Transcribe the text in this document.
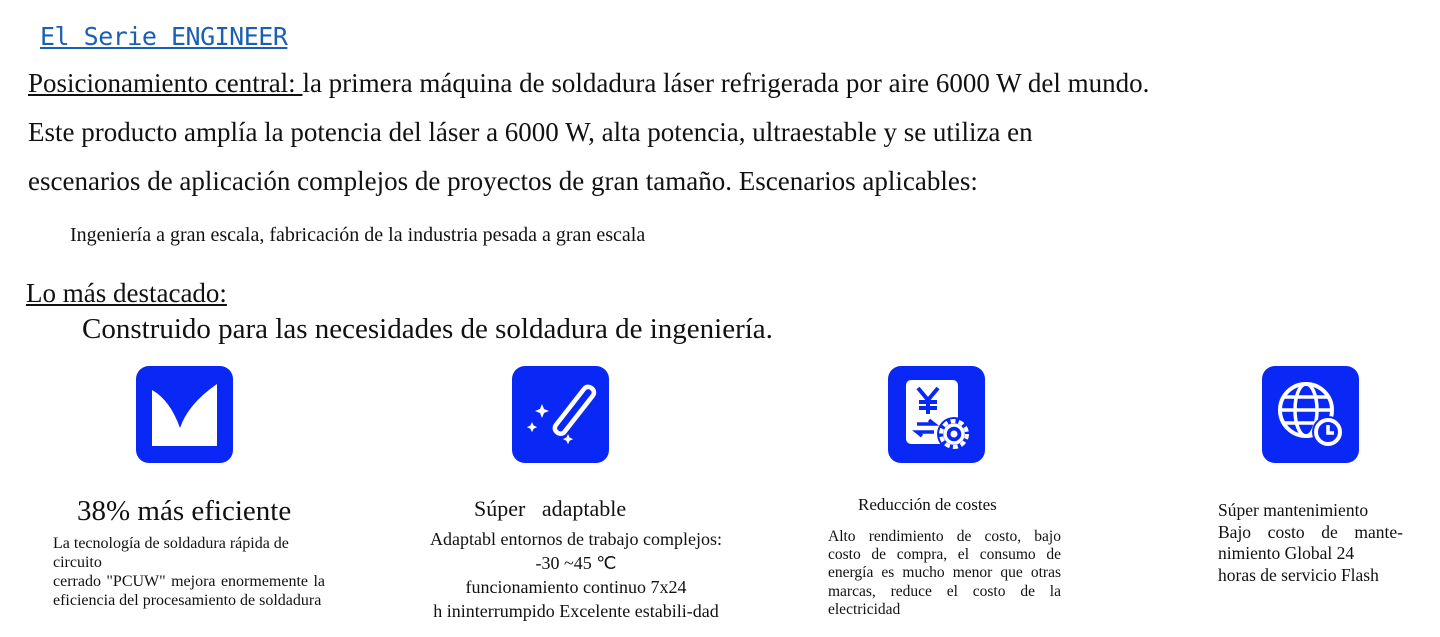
El Serie ENGINEER
Posicionamiento central: la primera máquina de soldadura láser refrigerada por aire 6000 W del mundo.
Este producto amplía la potencia del láser a 6000 W, alta potencia, ultraestable y se utiliza en
escenarios de aplicación complejos de proyectos de gran tamaño. Escenarios aplicables:
Ingeniería a gran escala, fabricación de la industria pesada a gran escala
Lo más destacado:
Construido para las necesidades de soldadura de ingeniería.
38% más eficiente
La tecnología de soldadura rápida de circuito
cerrado "PCUW" mejora enormemente la
eficiencia del procesamiento de soldadura
Súper   adaptable
Adaptabl entornos de trabajo complejos:
-30 ~45 ℃
funcionamiento continuo 7x24
h ininterrumpido Excelente estabili-dad
Reducción de costes
Alto rendimiento de costo, bajo
costo de compra, el consumo de
energía es mucho menor que otras
marcas, reduce el costo de la
electricidad
Súper mantenimiento
Bajo costo de mante-
nimiento Global 24
horas de servicio Flash
